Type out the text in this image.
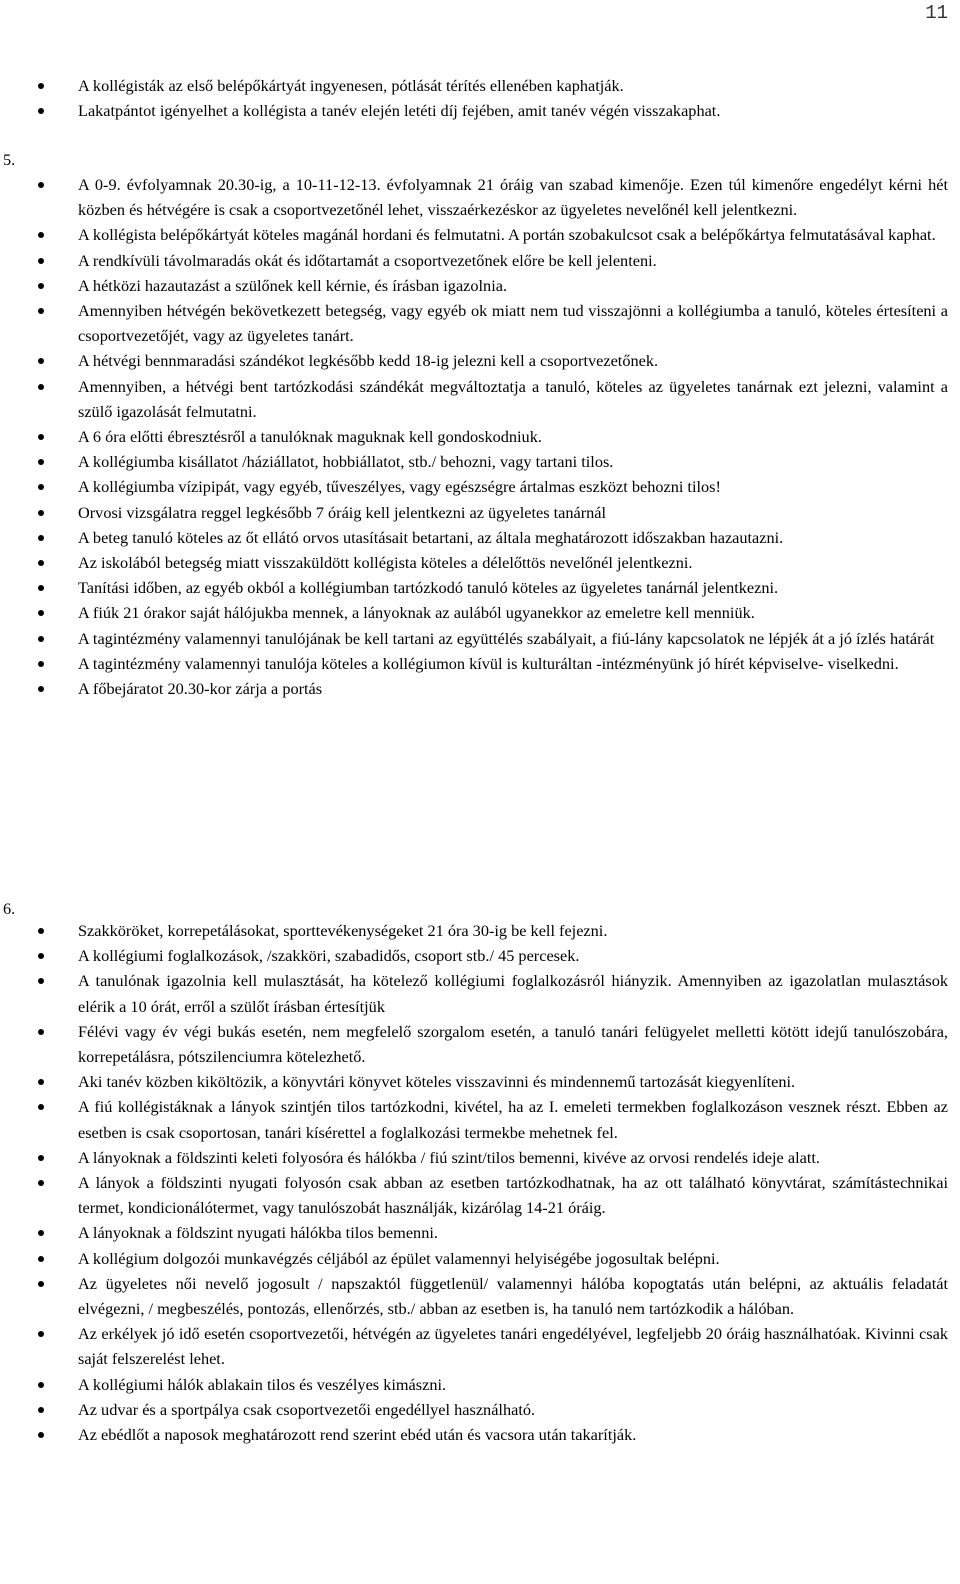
11
A kollégisták az első belépőkártyát ingyenesen, pótlását térítés ellenében kaphatják.
Lakatpántot igényelhet a kollégista a tanév elején letéti díj fejében, amit tanév végén visszakaphat.
5.
A 0-9. évfolyamnak 20.30-ig, a 10-11-12-13. évfolyamnak 21 óráig van szabad kimenője. Ezen túl kimenőre engedélyt kérni hét közben és hétvégére is csak a csoportvezetőnél lehet, visszaérkezéskor az ügyeletes nevelőnél kell jelentkezni.
A kollégista belépőkártyát köteles magánál hordani és felmutatni. A portán szobakulcsot csak a belépőkártya felmutatásával kaphat.
A rendkívüli távolmaradás okát és időtartamát a csoportvezetőnek előre be kell jelenteni.
A hétközi hazautazást a szülőnek kell kérnie, és írásban igazolnia.
Amennyiben hétvégén bekövetkezett betegség, vagy egyéb ok miatt nem tud visszajönni a kollégiumba a tanuló, köteles értesíteni a csoportvezetőjét, vagy az ügyeletes tanárt.
A hétvégi bennmaradási szándékot legkésőbb kedd 18-ig jelezni kell a csoportvezetőnek.
Amennyiben, a hétvégi bent tartózkodási szándékát megváltoztatja a tanuló, köteles az ügyeletes tanárnak ezt jelezni, valamint a szülő igazolását felmutatni.
A 6 óra előtti ébresztésről a tanulóknak maguknak kell gondoskodniuk.
A kollégiumba kisállatot /háziállatot, hobbiállatot, stb./ behozni, vagy tartani tilos.
A kollégiumba vízipipát, vagy egyéb, tűveszélyes, vagy egészségre ártalmas eszközt behozni tilos!
Orvosi vizsgálatra reggel legkésőbb 7 óráig kell jelentkezni az ügyeletes tanárnál
A beteg tanuló köteles az őt ellátó orvos utasításait betartani, az általa meghatározott időszakban hazautazni.
Az iskolából betegség miatt visszaküldött kollégista köteles a délelőttös nevelőnél jelentkezni.
Tanítási időben, az egyéb okból a kollégiumban tartózkodó tanuló köteles az ügyeletes tanárnál jelentkezni.
A fiúk 21 órakor saját hálójukba mennek, a lányoknak az aulából ugyanekkor az emeletre kell menniük.
A tagintézmény valamennyi tanulójának be kell tartani az együttélés szabályait, a fiú-lány kapcsolatok ne lépjék át a jó ízlés határát
A tagintézmény valamennyi tanulója köteles a kollégiumon kívül is kulturáltan -intézményünk jó hírét képviselve- viselkedni.
A főbejáratot 20.30-kor zárja a portás
6.
Szakköröket, korrepetálásokat, sporttevékenységeket 21 óra 30-ig be kell fejezni.
A kollégiumi foglalkozások, /szakköri, szabadidős, csoport stb./ 45 percesek.
A tanulónak igazolnia kell mulasztását, ha kötelező kollégiumi foglalkozásról hiányzik. Amennyiben az igazolatlan mulasztások elérik a 10 órát, erről a szülőt írásban értesítjük
Félévi vagy év végi bukás esetén, nem megfelelő szorgalom esetén, a tanuló tanári felügyelet melletti kötött idejű tanulószobára, korrepetálásra, pótszilenciumra kötelezhető.
Aki tanév közben kiköltözik, a könyvtári könyvet köteles visszavinni és mindennemű tartozását kiegyenlíteni.
A fiú kollégistáknak a lányok szintjén tilos tartózkodni, kivétel, ha az I. emeleti termekben foglalkozáson vesznek részt. Ebben az esetben is csak csoportosan, tanári kísérettel a foglalkozási termekbe mehetnek fel.
A lányoknak a földszinti keleti folyosóra és hálókba / fiú szint/tilos bemenni, kivéve az orvosi rendelés ideje alatt.
A lányok a földszinti nyugati folyosón csak abban az esetben tartózkodhatnak, ha az ott található könyvtárat, számítástechnikai termet, kondicionálótermet, vagy tanulószobát használják, kizárólag 14-21 óráig.
A lányoknak a földszint nyugati hálókba tilos bemenni.
A kollégium dolgozói munkavégzés céljából az épület valamennyi helyiségébe jogosultak belépni.
Az ügyeletes női nevelő jogosult / napszaktól függetlenül/ valamennyi hálóba kopogtatás után belépni, az aktuális feladatát elvégezni, / megbeszélés, pontozás, ellenőrzés, stb./ abban az esetben is, ha tanuló nem tartózkodik a hálóban.
Az erkélyek jó idő esetén csoportvezetői, hétvégén az ügyeletes tanári engedélyével, legfeljebb 20 óráig használhatóak. Kivinni csak saját felszerelést lehet.
A kollégiumi hálók ablakain tilos és veszélyes kimászni.
Az udvar és a sportpálya csak csoportvezetői engedéllyel használható.
Az ebédlőt a naposok meghatározott rend szerint ebéd után és vacsora után takarítják.
